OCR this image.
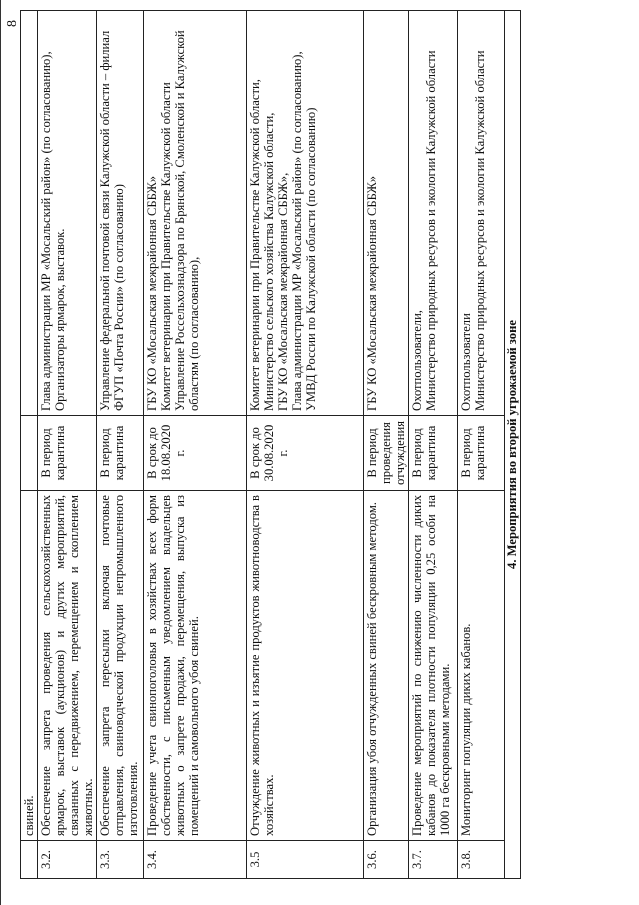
8
	свиней.		
3.2.	Обеспечение запрета проведения сельскохозяйственных ярмарок, выставок (аукционов) и других мероприятий, связанных с передвижением, перемещением и скоплением животных.	В период карантина	Глава администрации МР «Мосальский район» (по согласованию),
Организаторы ярмарок, выставок.
3.3.	Обеспечение запрета пересылки включая почтовые отправления, свиноводческой продукции непромышленного изготовления.	В период карантина	Управление федеральной почтовой связи Калужской области – филиал ФГУП «Почта России» (по согласованию)
3.4.	Проведение учета свинопоголовья в хозяйствах всех форм собственности, с письменным уведомлением владельцев животных о запрете продажи, перемещения, выпуска из помещений и самовольного убоя свиней.	В срок до 18.08.2020 г.	ГБУ КО «Мосальская межрайонная СББЖ»
Комитет ветеринарии при Правительстве Калужской области
Управление Россельхознадзора по Брянской, Смоленской и Калужской областям (по согласованию),
3.5	Отчуждение животных и изъятие продуктов животноводства в хозяйствах.	В срок до 30.08.2020 г.	Комитет ветеринарии при Правительстве Калужской области,
Министерство сельского хозяйства Калужской области,
ГБУ КО «Мосальская межрайонная СББЖ»,
Глава администрации МР «Мосальский район» (по согласованию),
УМВД России по Калужской области (по согласованию)
3.6.	Организация убоя отчужденных свиней бескровным методом.	В период проведения отчуждения	ГБУ КО «Мосальская межрайонная СББЖ»
3.7.	Проведение мероприятий по снижению численности диких кабанов до показателя плотности популяции 0,25 особи на 1000 га бескровными методами.	В период карантина	Охотпользователи,
Министерство природных ресурсов и экологии Калужской области
3.8.	Мониторинг популяции диких кабанов.	В период карантина	Охотпользователи
Министерство природных ресурсов и экологии Калужской области
4. Мероприятия во второй угрожаемой зоне			
